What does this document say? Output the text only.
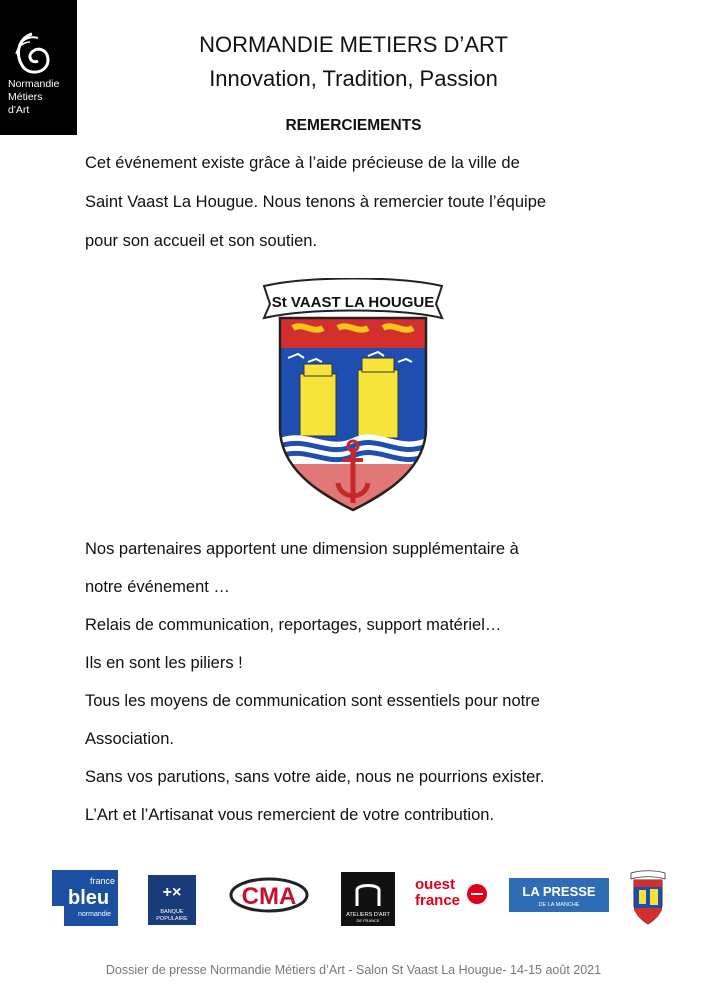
Normandie
Métiers
d'Art
NORMANDIE METIERS D’ART
Innovation, Tradition, Passion
REMERCIEMENTS
Cet événement existe grâce à l’aide précieuse de la ville de
Saint Vaast La Hougue. Nous tenons à remercier toute l’équipe
pour son accueil et son soutien.
St VAAST LA HOUGUE
Nos partenaires apportent une dimension supplémentaire à
notre événement …
Relais de communication, reportages, support matériel…
Ils en sont les piliers !
Tous les moyens de communication sont essentiels pour notre
Association.
Sans vos parutions, sans votre aide, nous ne pourrions exister.
L’Art et l’Artisanat vous remercient de votre contribution.
france
bleu
normandie
+×
BANQUE
POPULAIRE
CMA
ATELIERS D'ART
DE FRANCE
ouest
france
LA PRESSE
DE LA MANCHE
Dossier de presse Normandie Métiers d’Art - Salon St Vaast La Hougue- 14-15 août 2021
